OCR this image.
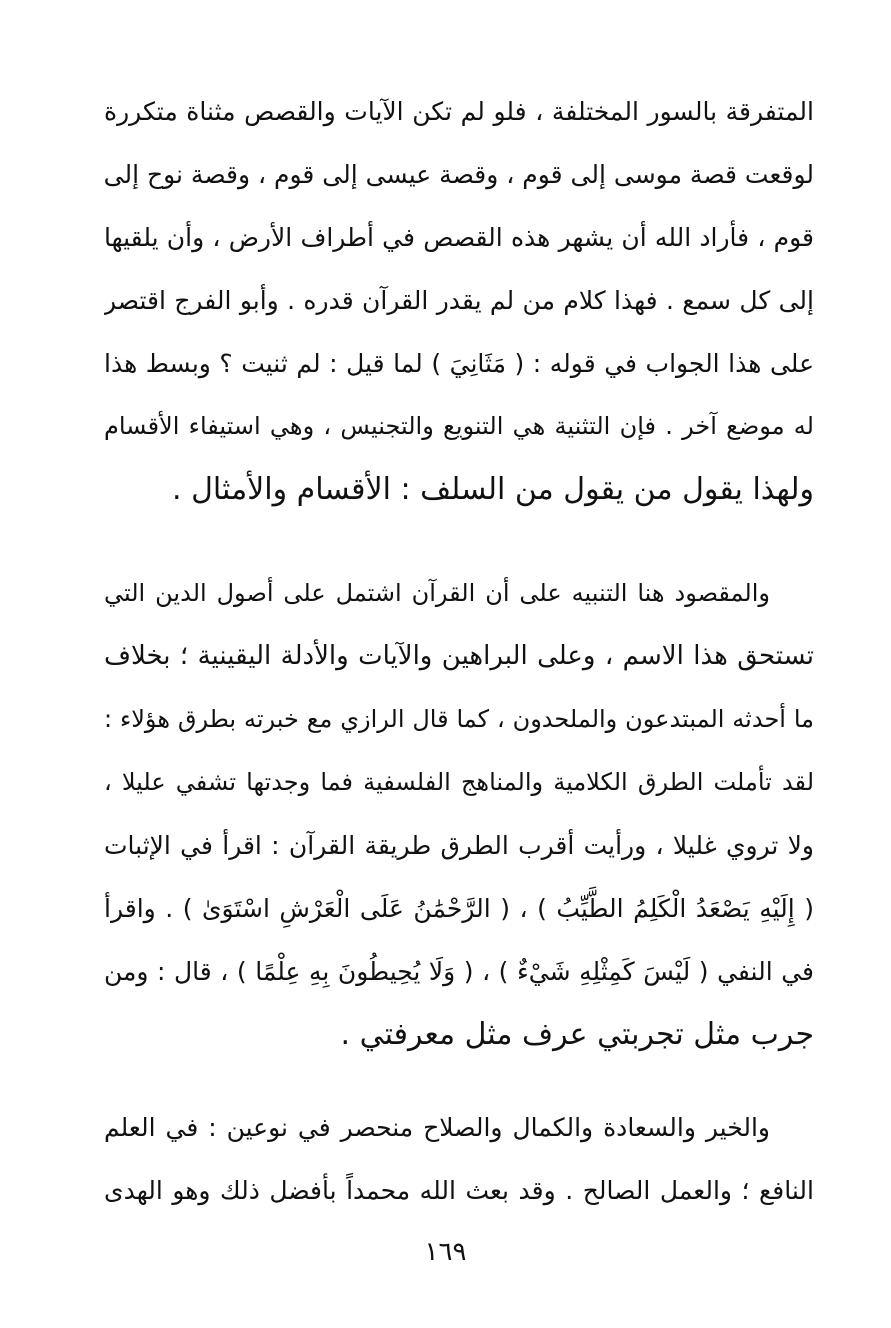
المتفرقة بالسور المختلفة ، فلو لم تكن الآيات والقصص مثناة متكررة
لوقعت قصة موسى إلى قوم ، وقصة عيسى إلى قوم ، وقصة نوح إلى
قوم ، فأراد الله أن يشهر هذه القصص في أطراف الأرض ، وأن يلقيها
إلى كل سمع . فهذا كلام من لم يقدر القرآن قدره . وأبو الفرج اقتصر
على هذا الجواب في قوله : ( مَثَانِيَ ) لما قيل : لم ثنيت ؟ وبسط هذا
له موضع آخر . فإن التثنية هي التنويع والتجنيس ، وهي استيفاء الأقسام
ولهذا يقول من يقول من السلف : الأقسام والأمثال .
والمقصود هنا التنبيه على أن القرآن اشتمل على أصول الدين التي
تستحق هذا الاسم ، وعلى البراهين والآيات والأدلة اليقينية ؛ بخلاف
ما أحدثه المبتدعون والملحدون ، كما قال الرازي مع خبرته بطرق هؤلاء :
لقد تأملت الطرق الكلامية والمناهج الفلسفية فما وجدتها تشفي عليلا ،
ولا تروي غليلا ، ورأيت أقرب الطرق طريقة القرآن : اقرأ في الإثبات
( إِلَيْهِ يَصْعَدُ الْكَلِمُ الطَّيِّبُ ) ، ( الرَّحْمَٰنُ عَلَى الْعَرْشِ اسْتَوَىٰ ) . واقرأ
في النفي ( لَيْسَ كَمِثْلِهِ شَيْءٌ ) ، ( وَلَا يُحِيطُونَ بِهِ عِلْمًا ) ، قال : ومن
جرب مثل تجربتي عرف مثل معرفتي .
والخير والسعادة والكمال والصلاح منحصر في نوعين : في العلم
النافع ؛ والعمل الصالح . وقد بعث الله محمداً بأفضل ذلك وهو الهدى
١٦٩
